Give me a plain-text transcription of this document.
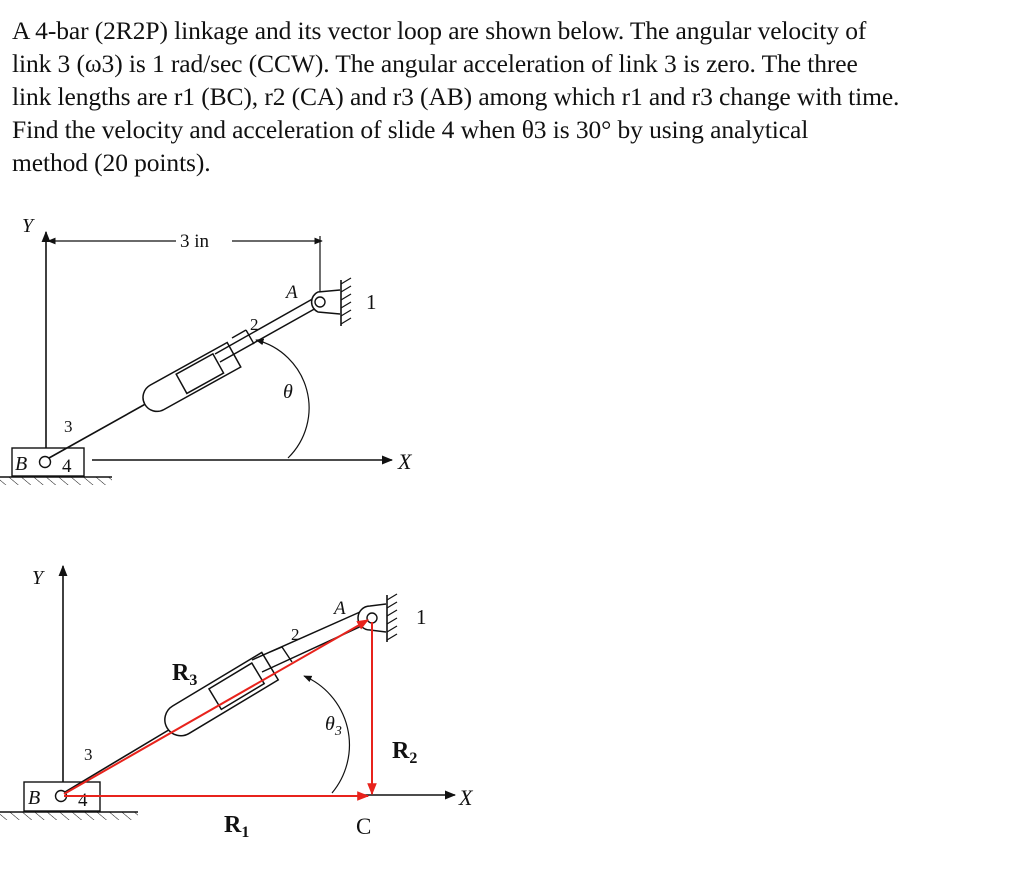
A 4-bar (2R2P) linkage and its vector loop are shown below. The angular velocity of
link 3 (ω3) is 1 rad/sec (CCW). The angular acceleration of link 3 is zero. The three
link lengths are r1 (BC), r2 (CA) and r3 (AB) among which r1 and r3 change with time.
Find the velocity and acceleration of slide 4 when θ3 is 30° by using analytical
method (20 points).
Y
3 in
X
B 4
3
2
A	1
θ
Y
X
B 4
3
2
A	1
$\theta_3$
$R_3$
$R_2$
$R_1$	C
